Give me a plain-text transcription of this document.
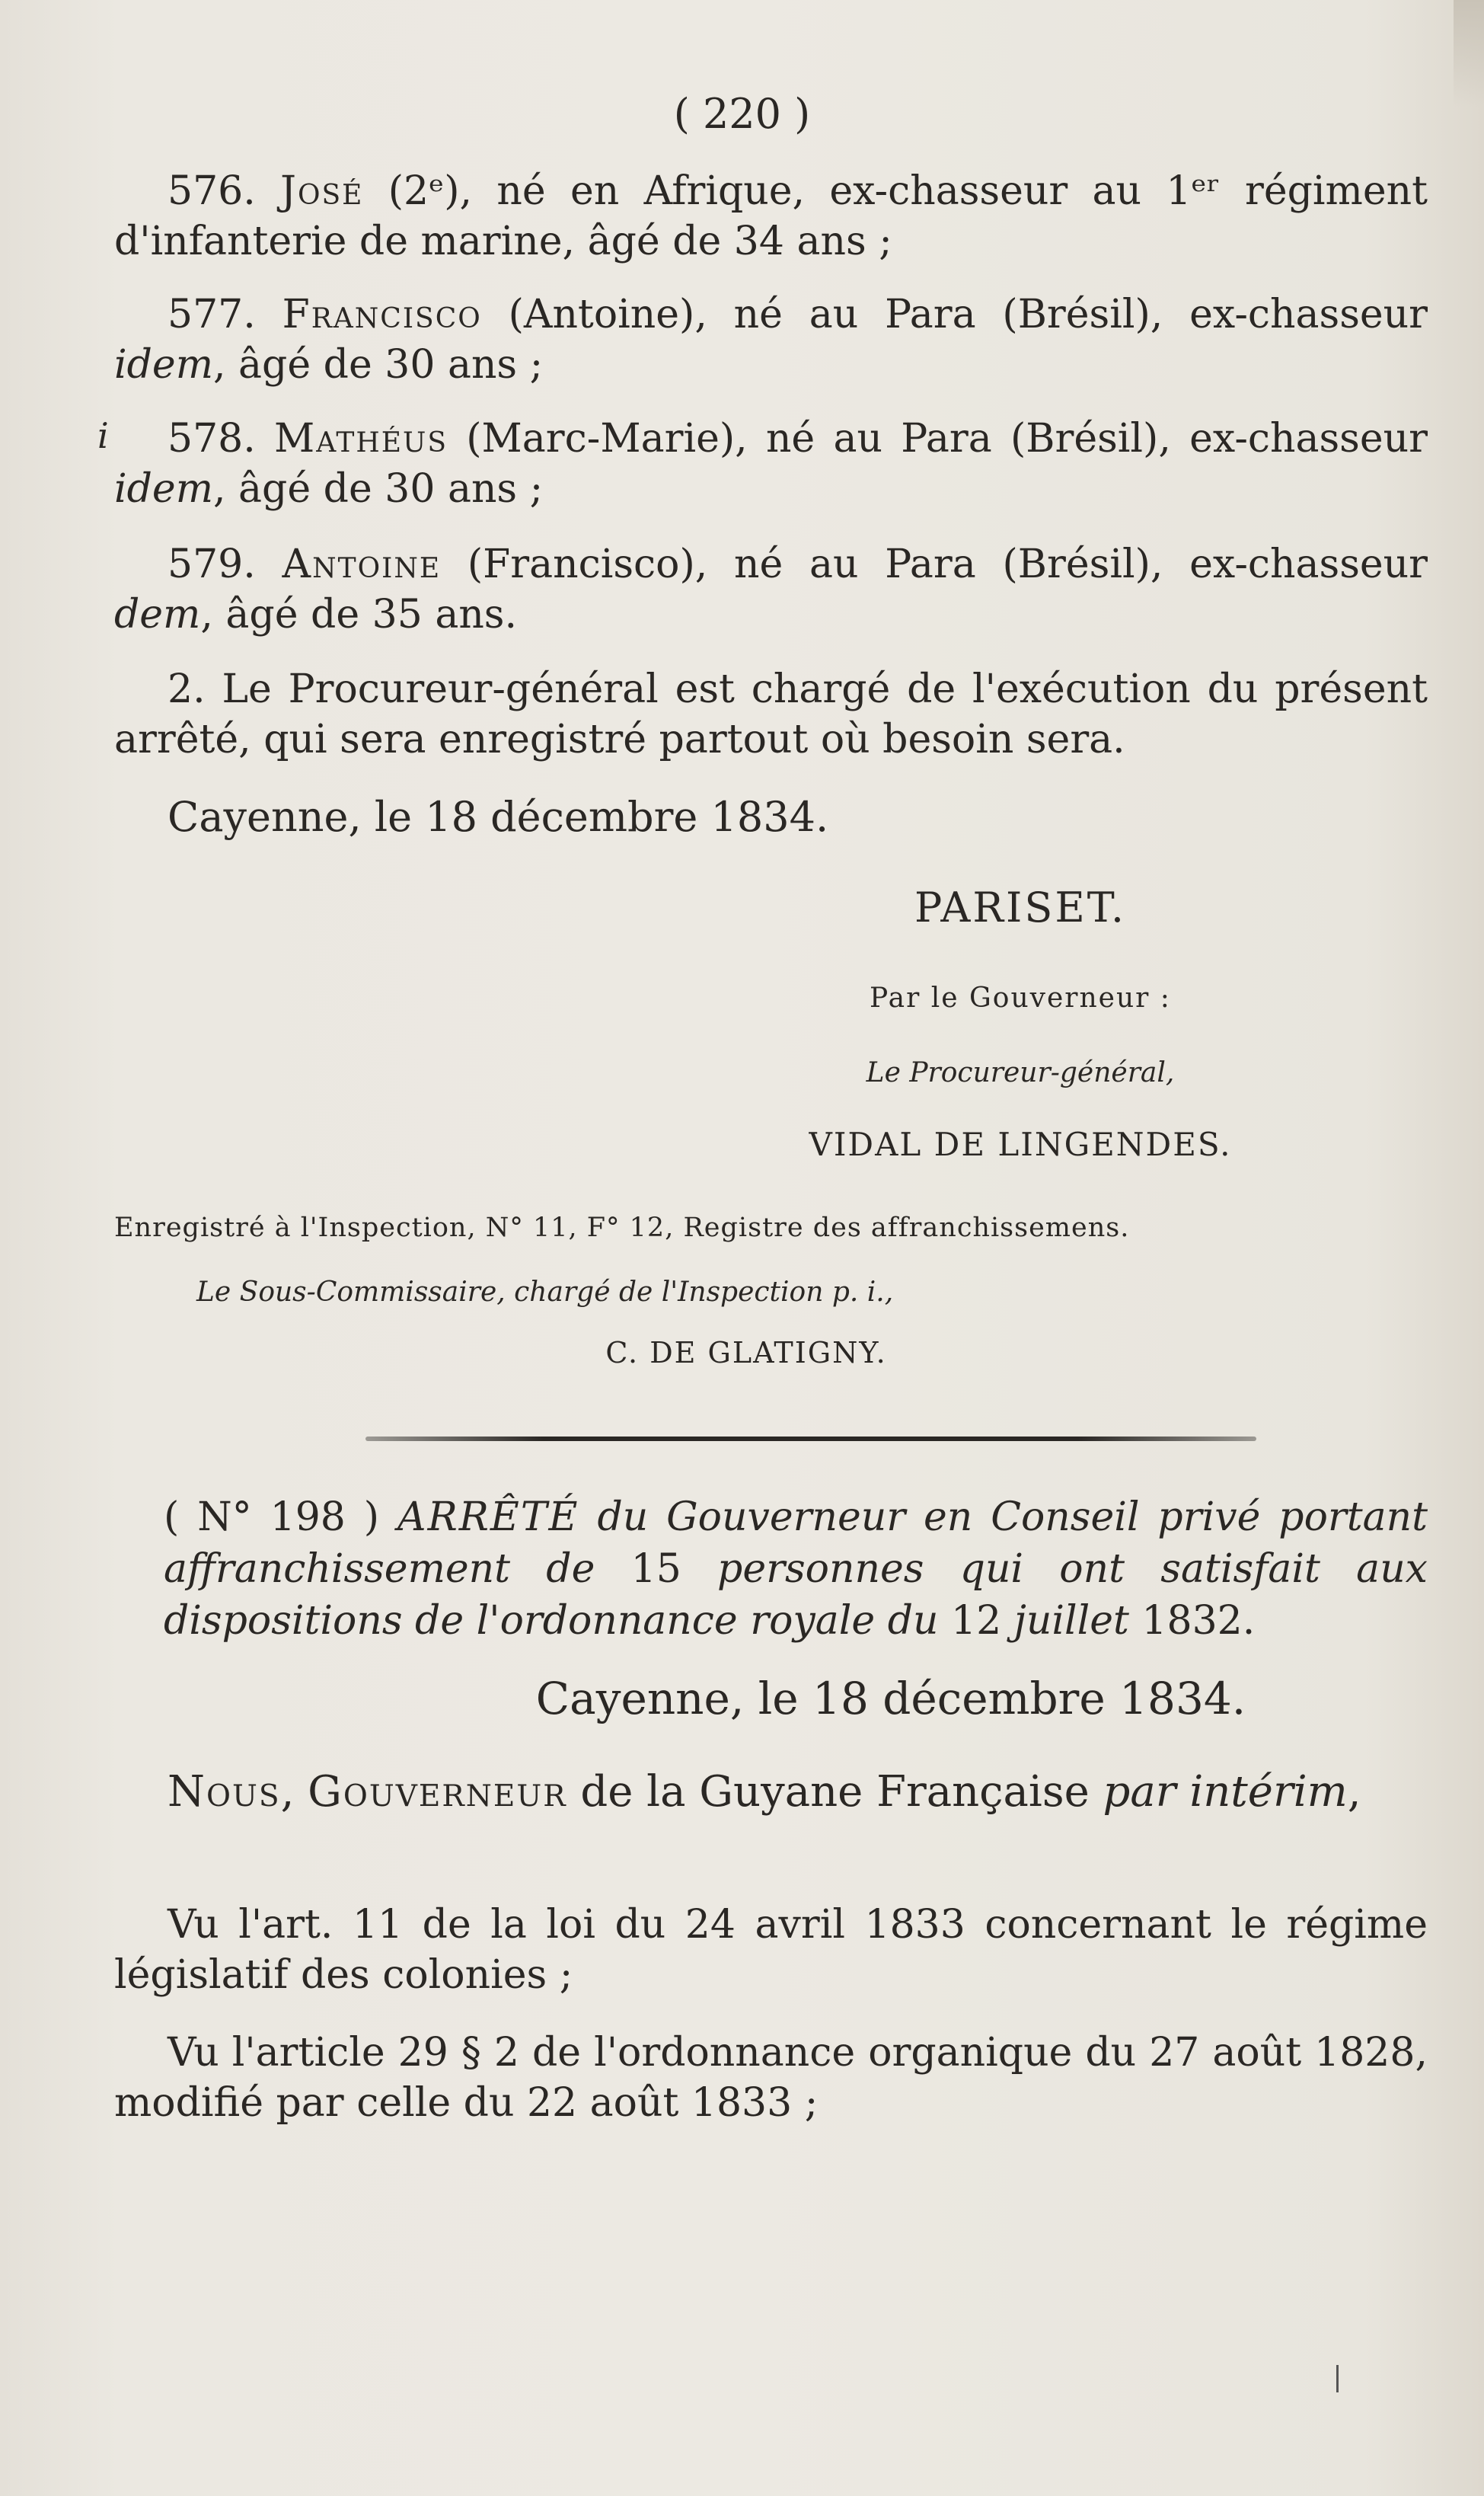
( 220 )
576. José (2ᵉ), né en Afrique, ex-chasseur au 1ᵉʳ régiment d'infanterie de marine, âgé de 34 ans ;
577. Francisco (Antoine), né au Para (Brésil), ex-chasseur idem, âgé de 30 ans ;
i	578. Mathéus (Marc-Marie), né au Para (Brésil), ex-chasseur idem, âgé de 30 ans ;
579. Antoine (Francisco), né au Para (Brésil), ex-chasseur dem, âgé de 35 ans.
2. Le Procureur-général est chargé de l'exécution du présent arrêté, qui sera enregistré partout où besoin sera.
Cayenne, le 18 décembre 1834.
PARISET.
Par le Gouverneur :
Le Procureur-général,
VIDAL DE LINGENDES.
Enregistré à l'Inspection, N° 11, F° 12, Registre des affranchissemens.
Le Sous-Commissaire, chargé de l'Inspection p. i.,
C. DE GLATIGNY.
( N° 198 ) ARRÊTÉ du Gouverneur en Conseil privé portant affranchissement de 15 personnes qui ont satisfait aux dispositions de l'ordonnance royale du 12 juillet 1832.
Cayenne, le 18 décembre 1834.
Nous, Gouverneur de la Guyane Française par intérim,
Vu l'art. 11 de la loi du 24 avril 1833 concernant le régime législatif des colonies ;
Vu l'article 29 § 2 de l'ordonnance organique du 27 août 1828, modifié par celle du 22 août 1833 ;
